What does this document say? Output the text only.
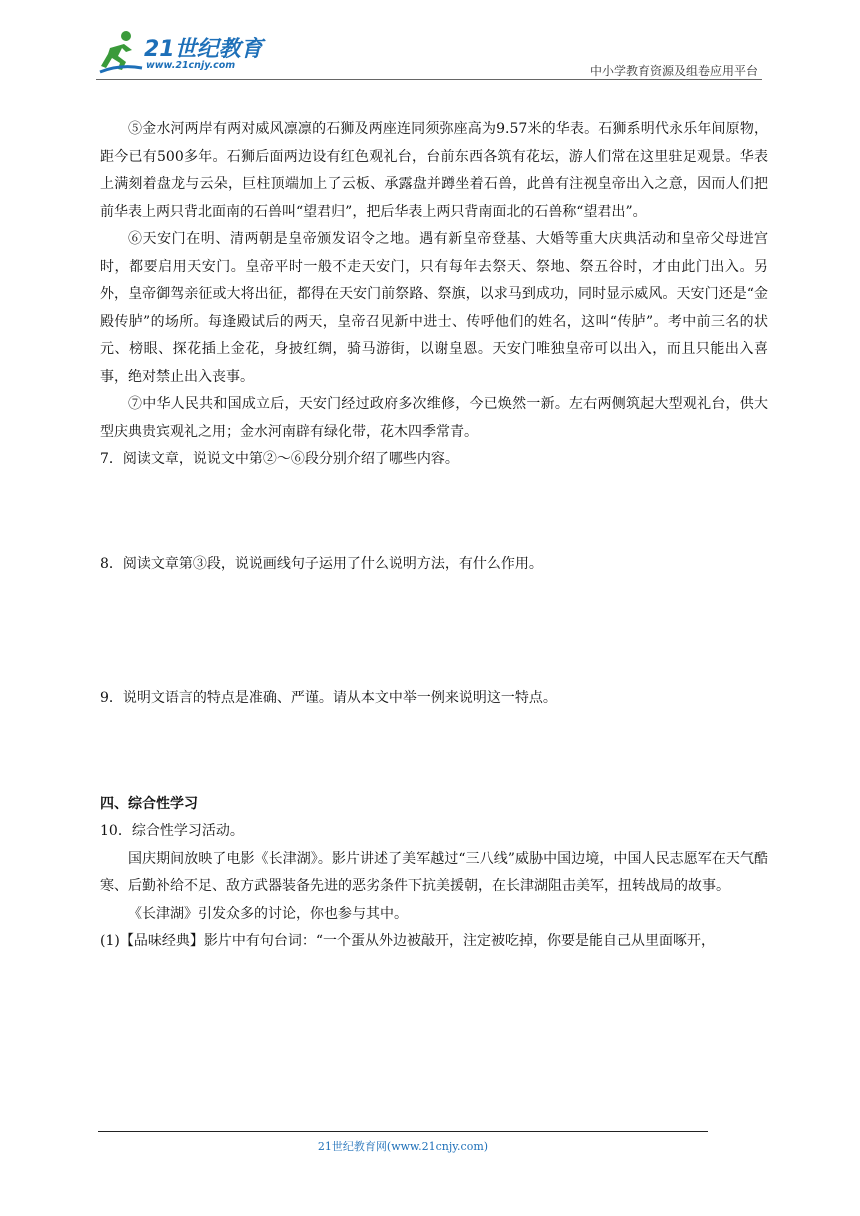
21世纪教育
www.21cnjy.com	中小学教育资源及组卷应用平台

⑤金水河两岸有两对威风凛凛的石狮及两座连同须弥座高为9.57米的华表。石狮系明代永乐年间原物，距今已有500多年。石狮后面两边设有红色观礼台，台前东西各筑有花坛，游人们常在这里驻足观景。华表上满刻着盘龙与云朵，巨柱顶端加上了云板、承露盘并蹲坐着石兽，此兽有注视皇帝出入之意，因而人们把前华表上两只背北面南的石兽叫“望君归”，把后华表上两只背南面北的石兽称“望君出”。

⑥天安门在明、清两朝是皇帝颁发诏令之地。遇有新皇帝登基、大婚等重大庆典活动和皇帝父母进宫时，都要启用天安门。皇帝平时一般不走天安门，只有每年去祭天、祭地、祭五谷时，才由此门出入。另外，皇帝御驾亲征或大将出征，都得在天安门前祭路、祭旗，以求马到成功，同时显示威风。天安门还是“金殿传胪”的场所。每逢殿试后的两天，皇帝召见新中进士、传呼他们的姓名，这叫“传胪”。考中前三名的状元、榜眼、探花插上金花，身披红绸，骑马游街，以谢皇恩。天安门唯独皇帝可以出入，而且只能出入喜事，绝对禁止出入丧事。

⑦中华人民共和国成立后，天安门经过政府多次维修，今已焕然一新。左右两侧筑起大型观礼台，供大型庆典贵宾观礼之用；金水河南辟有绿化带，花木四季常青。

7．阅读文章，说说文中第②～⑥段分别介绍了哪些内容。

8．阅读文章第③段，说说画线句子运用了什么说明方法，有什么作用。

9．说明文语言的特点是准确、严谨。请从本文中举一例来说明这一特点。

四、综合性学习

10．综合性学习活动。

国庆期间放映了电影《长津湖》。影片讲述了美军越过“三八线”威胁中国边境，中国人民志愿军在天气酷寒、后勤补给不足、敌方武器装备先进的恶劣条件下抗美援朝，在长津湖阻击美军，扭转战局的故事。

《长津湖》引发众多的讨论，你也参与其中。

(1)【品味经典】影片中有句台词：“一个蛋从外边被敲开，注定被吃掉，你要是能自己从里面啄开，

21世纪教育网(www.21cnjy.com)
